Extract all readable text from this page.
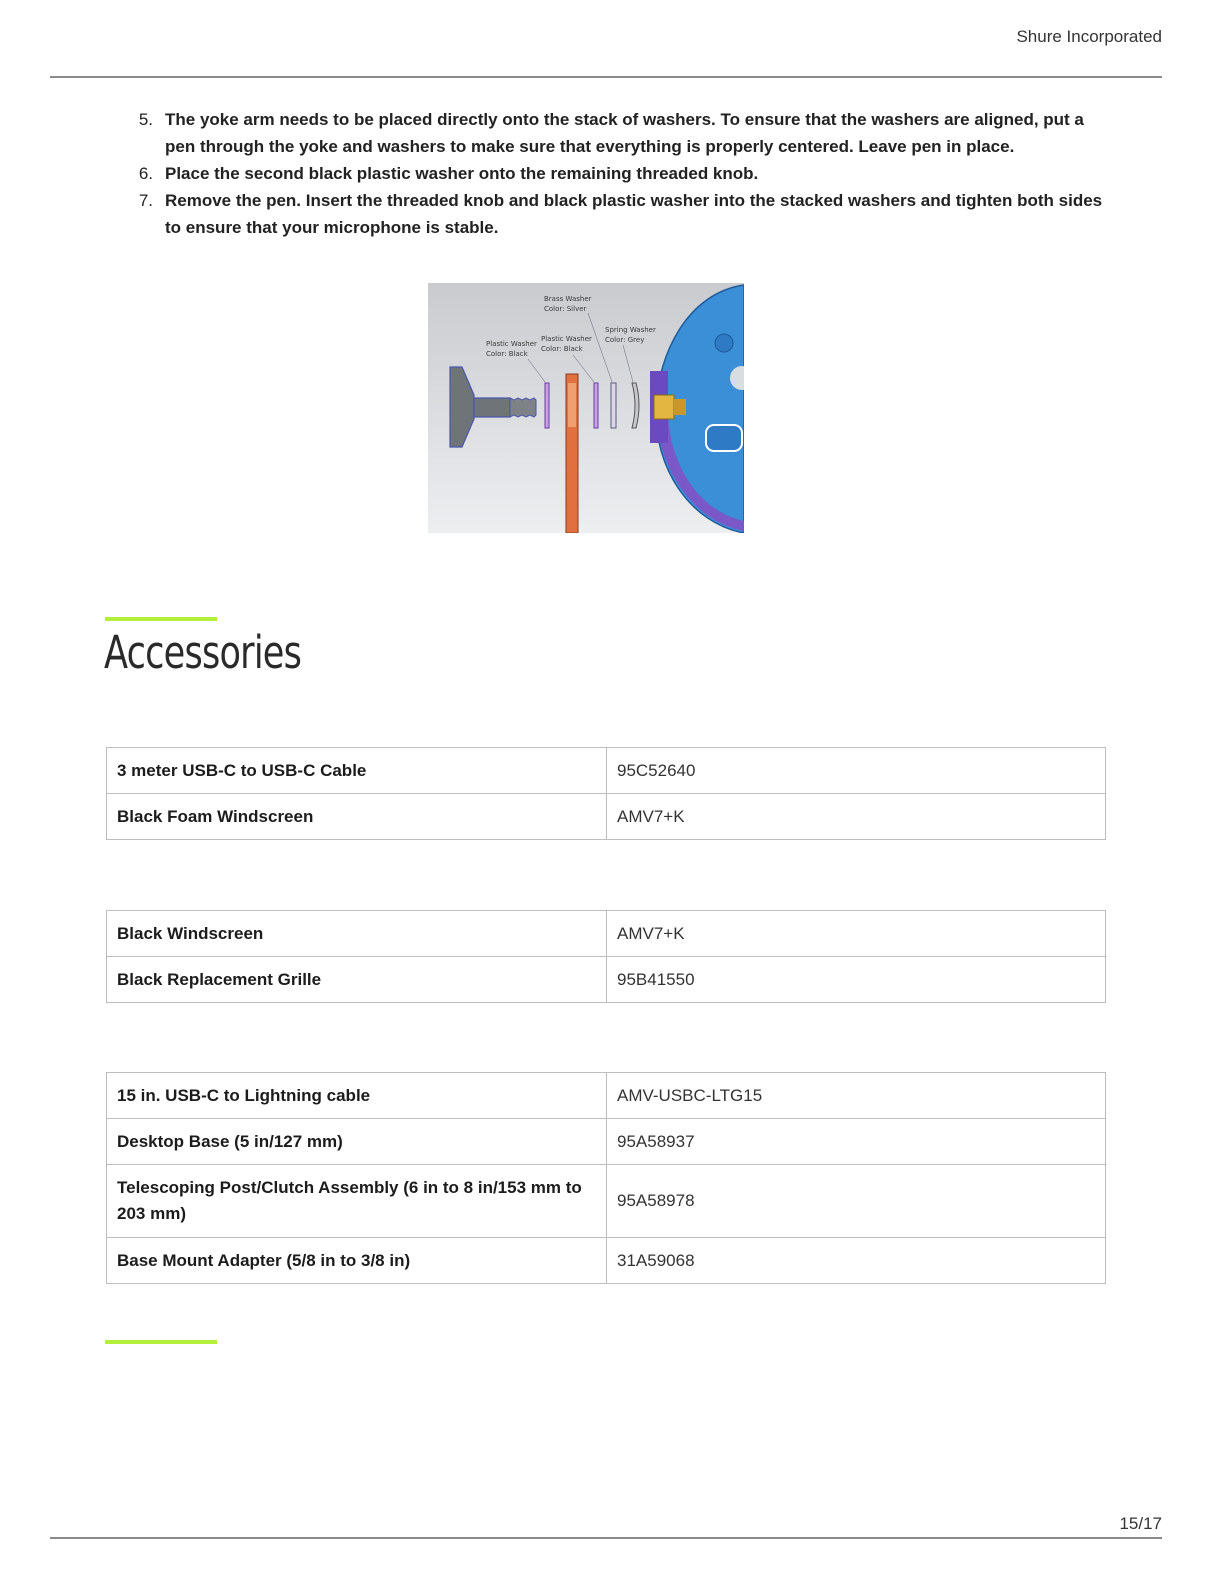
Shure Incorporated
5. The yoke arm needs to be placed directly onto the stack of washers. To ensure that the washers are aligned, put a pen through the yoke and washers to make sure that everything is properly centered. Leave pen in place.
6. Place the second black plastic washer onto the remaining threaded knob.
7. Remove the pen. Insert the threaded knob and black plastic washer into the stacked washers and tighten both sides to ensure that your microphone is stable.
Brass Washer
Color: Silver
Spring Washer
Color: Grey
Plastic Washer
Color: Black
Plastic Washer
Color: Black
Accessories
3 meter USB-C to USB-C Cable	95C52640
Black Foam Windscreen	AMV7+K
Black Windscreen	AMV7+K
Black Replacement Grille	95B41550
15 in. USB-C to Lightning cable	AMV-USBC-LTG15
Desktop Base (5 in/127 mm)	95A58937
Telescoping Post/Clutch Assembly (6 in to 8 in/153 mm to 203 mm)	95A58978
Base Mount Adapter (5/8 in to 3/8 in)	31A59068
15/17
